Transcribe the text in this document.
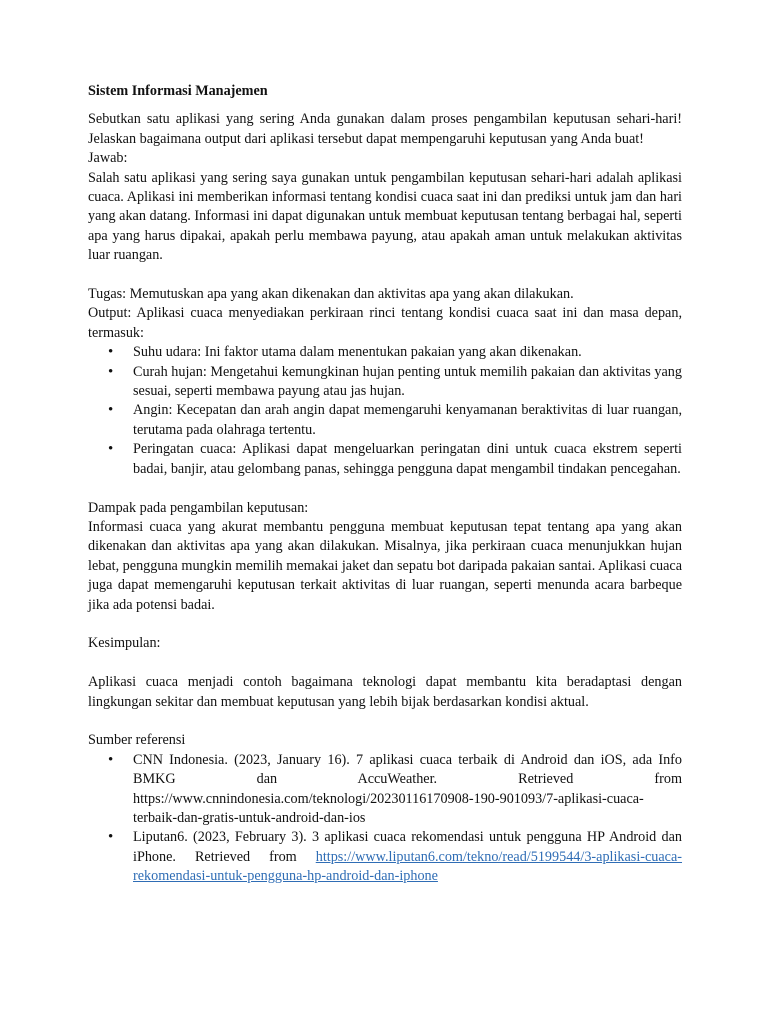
Sistem Informasi Manajemen

Sebutkan satu aplikasi yang sering Anda gunakan dalam proses pengambilan keputusan sehari-hari! Jelaskan bagaimana output dari aplikasi tersebut dapat mempengaruhi keputusan yang Anda buat!

Jawab:

Salah satu aplikasi yang sering saya gunakan untuk pengambilan keputusan sehari-hari adalah aplikasi cuaca. Aplikasi ini memberikan informasi tentang kondisi cuaca saat ini dan prediksi untuk jam dan hari yang akan datang. Informasi ini dapat digunakan untuk membuat keputusan tentang berbagai hal, seperti apa yang harus dipakai, apakah perlu membawa payung, atau apakah aman untuk melakukan aktivitas luar ruangan.

Tugas: Memutuskan apa yang akan dikenakan dan aktivitas apa yang akan dilakukan.

Output: Aplikasi cuaca menyediakan perkiraan rinci tentang kondisi cuaca saat ini dan masa depan, termasuk:

• Suhu udara: Ini faktor utama dalam menentukan pakaian yang akan dikenakan.
• Curah hujan: Mengetahui kemungkinan hujan penting untuk memilih pakaian dan aktivitas yang sesuai, seperti membawa payung atau jas hujan.
• Angin: Kecepatan dan arah angin dapat memengaruhi kenyamanan beraktivitas di luar ruangan, terutama pada olahraga tertentu.
• Peringatan cuaca: Aplikasi dapat mengeluarkan peringatan dini untuk cuaca ekstrem seperti badai, banjir, atau gelombang panas, sehingga pengguna dapat mengambil tindakan pencegahan.

Dampak pada pengambilan keputusan:

Informasi cuaca yang akurat membantu pengguna membuat keputusan tepat tentang apa yang akan dikenakan dan aktivitas apa yang akan dilakukan. Misalnya, jika perkiraan cuaca menunjukkan hujan lebat, pengguna mungkin memilih memakai jaket dan sepatu bot daripada pakaian santai. Aplikasi cuaca juga dapat memengaruhi keputusan terkait aktivitas di luar ruangan, seperti menunda acara barbeque jika ada potensi badai.

Kesimpulan:

Aplikasi cuaca menjadi contoh bagaimana teknologi dapat membantu kita beradaptasi dengan lingkungan sekitar dan membuat keputusan yang lebih bijak berdasarkan kondisi aktual.

Sumber referensi

• CNN Indonesia. (2023, January 16). 7 aplikasi cuaca terbaik di Android dan iOS, ada Info BMKG dan AccuWeather. Retrieved from
https://www.cnnindonesia.com/teknologi/20230116170908-190-901093/7-aplikasi-cuaca-terbaik-dan-gratis-untuk-android-dan-ios
• Liputan6. (2023, February 3). 3 aplikasi cuaca rekomendasi untuk pengguna HP Android dan iPhone. Retrieved from https://www.liputan6.com/tekno/read/5199544/3-aplikasi-cuaca-rekomendasi-untuk-pengguna-hp-android-dan-iphone
